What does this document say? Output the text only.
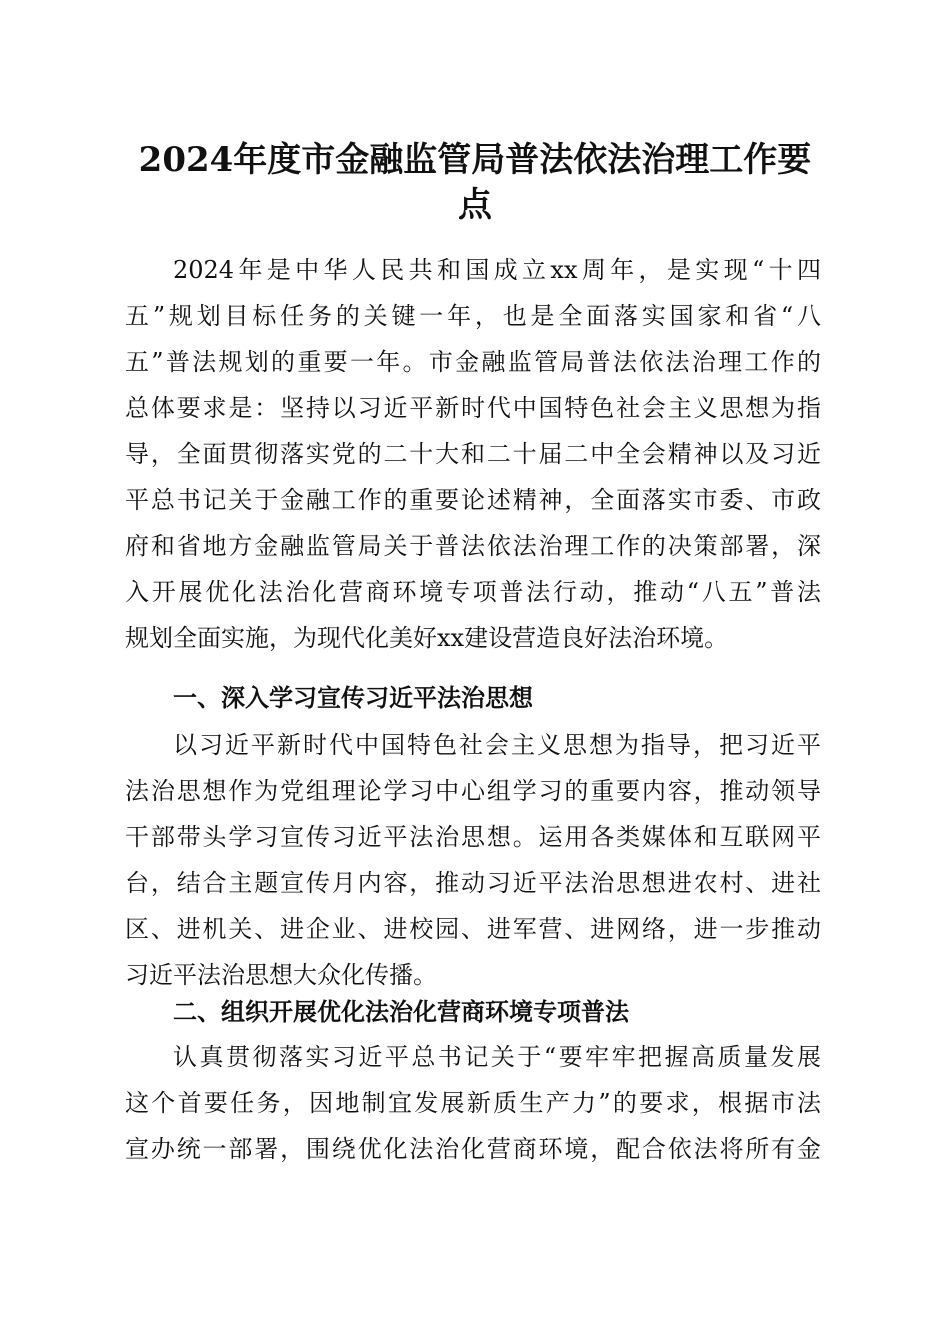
2024年度市金融监管局普法依法治理工作要
点
2024年是中华人民共和国成立xx周年，是实现“十四
五”规划目标任务的关键一年，也是全面落实国家和省“八
五”普法规划的重要一年。市金融监管局普法依法治理工作的
总体要求是：坚持以习近平新时代中国特色社会主义思想为指
导，全面贯彻落实党的二十大和二十届二中全会精神以及习近
平总书记关于金融工作的重要论述精神，全面落实市委、市政
府和省地方金融监管局关于普法依法治理工作的决策部署，深
入开展优化法治化营商环境专项普法行动，推动“八五”普法
规划全面实施，为现代化美好xx建设营造良好法治环境。
一、深入学习宣传习近平法治思想
以习近平新时代中国特色社会主义思想为指导，把习近平
法治思想作为党组理论学习中心组学习的重要内容，推动领导
干部带头学习宣传习近平法治思想。运用各类媒体和互联网平
台，结合主题宣传月内容，推动习近平法治思想进农村、进社
区、进机关、进企业、进校园、进军营、进网络，进一步推动
习近平法治思想大众化传播。
二、组织开展优化法治化营商环境专项普法
认真贯彻落实习近平总书记关于“要牢牢把握高质量发展
这个首要任务，因地制宜发展新质生产力”的要求，根据市法
宣办统一部署，围绕优化法治化营商环境，配合依法将所有金
